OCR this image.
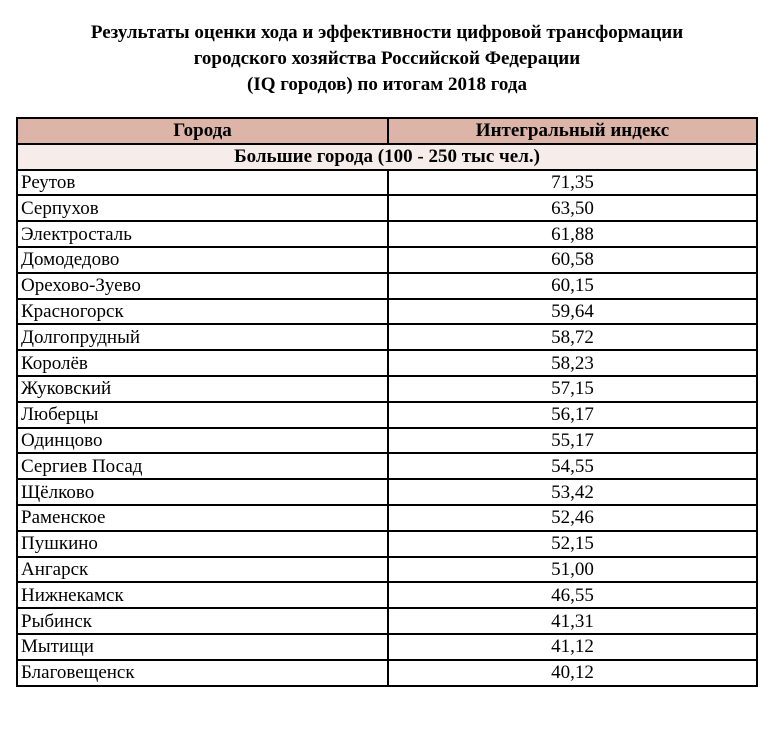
Результаты оценки хода и эффективности цифровой трансформации
городского хозяйства Российской Федерации
(IQ городов) по итогам 2018 года
Города	Интегральный индекс
Большие города (100 - 250 тыс чел.)	
Реутов	71,35
Серпухов	63,50
Электросталь	61,88
Домодедово	60,58
Орехово-Зуево	60,15
Красногорск	59,64
Долгопрудный	58,72
Королёв	58,23
Жуковский	57,15
Люберцы	56,17
Одинцово	55,17
Сергиев Посад	54,55
Щёлково	53,42
Раменское	52,46
Пушкино	52,15
Ангарск	51,00
Нижнекамск	46,55
Рыбинск	41,31
Мытищи	41,12
Благовещенск	40,12
